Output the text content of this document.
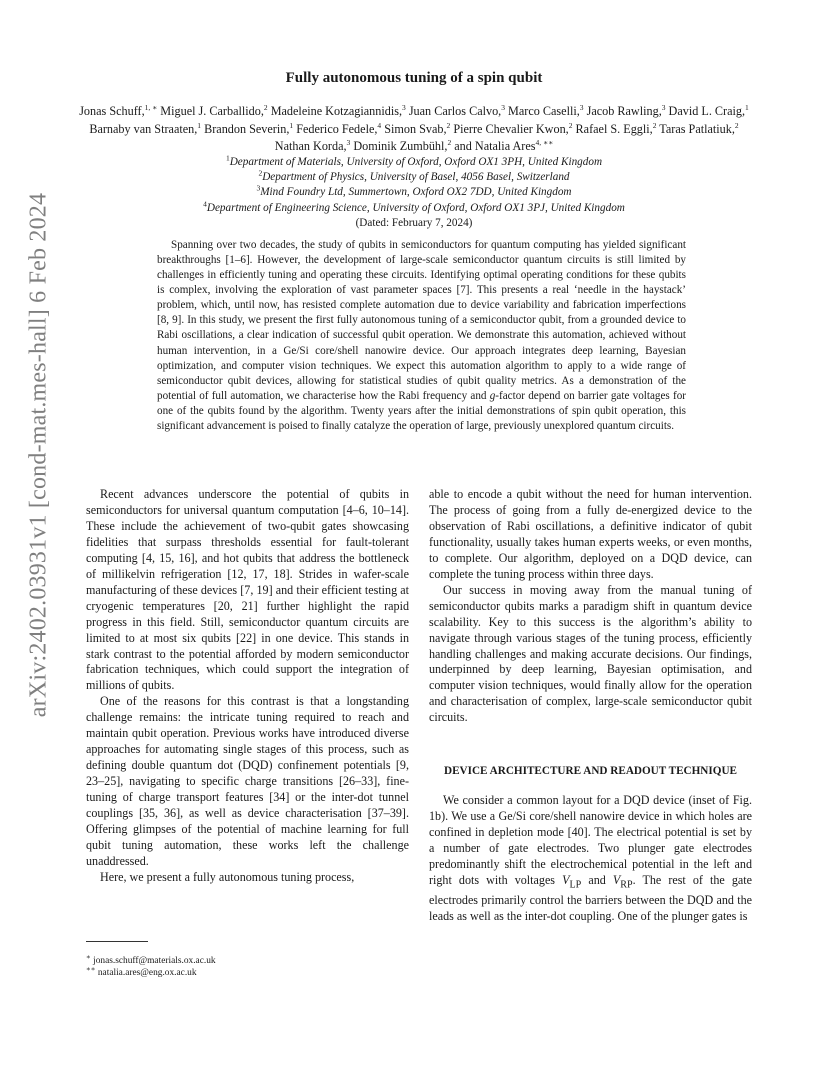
arXiv:2402.03931v1 [cond-mat.mes-hall] 6 Feb 2024
Fully autonomous tuning of a spin qubit
Jonas Schuff,$^{1, ∗}$ Miguel J. Carballido,$^2$ Madeleine Kotzagiannidis,$^3$ Juan Carlos Calvo,$^3$ Marco Caselli,$^3$ Jacob Rawling,$^3$ David L. Craig,$^1$ Barnaby van Straaten,$^1$ Brandon Severin,$^1$ Federico Fedele,$^4$ Simon Svab,$^2$ Pierre Chevalier Kwon,$^2$ Rafael S. Eggli,$^2$ Taras Patlatiuk,$^2$ Nathan Korda,$^3$ Dominik Zumbühl,$^2$ and Natalia Ares$^{4, ∗∗}$
$^1$Department of Materials, University of Oxford, Oxford OX1 3PH, United Kingdom
$^2$Department of Physics, University of Basel, 4056 Basel, Switzerland
$^3$Mind Foundry Ltd, Summertown, Oxford OX2 7DD, United Kingdom
$^4$Department of Engineering Science, University of Oxford, Oxford OX1 3PJ, United Kingdom
(Dated: February 7, 2024)
Spanning over two decades, the study of qubits in semiconductors for quantum computing has yielded significant breakthroughs [1–6]. However, the development of large-scale semiconductor quantum circuits is still limited by challenges in efficiently tuning and operating these circuits. Identifying optimal operating conditions for these qubits is complex, involving the exploration of vast parameter spaces [7]. This presents a real ‘needle in the haystack’ problem, which, until now, has resisted complete automation due to device variability and fabrication imperfections [8, 9]. In this study, we present the first fully autonomous tuning of a semiconductor qubit, from a grounded device to Rabi oscillations, a clear indication of successful qubit operation. We demonstrate this automation, achieved without human intervention, in a Ge/Si core/shell nanowire device. Our approach integrates deep learning, Bayesian optimization, and computer vision techniques. We expect this automation algorithm to apply to a wide range of semiconductor qubit devices, allowing for statistical studies of qubit quality metrics. As a demonstration of the potential of full automation, we characterise how the Rabi frequency and g-factor depend on barrier gate voltages for one of the qubits found by the algorithm. Twenty years after the initial demonstrations of spin qubit operation, this significant advancement is poised to finally catalyze the operation of large, previously unexplored quantum circuits.

Recent advances underscore the potential of qubits in semiconductors for universal quantum computation [4–6, 10–14]. These include the achievement of two-qubit gates showcasing fidelities that surpass thresholds essential for fault-tolerant computing [4, 15, 16], and hot qubits that address the bottleneck of millikelvin refrigeration [12, 17, 18]. Strides in wafer-scale manufacturing of these devices [7, 19] and their efficient testing at cryogenic temperatures [20, 21] further highlight the rapid progress in this field. Still, semiconductor quantum circuits are limited to at most six qubits [22] in one device. This stands in stark contrast to the potential afforded by modern semiconductor fabrication techniques, which could support the integration of millions of qubits.

One of the reasons for this contrast is that a longstanding challenge remains: the intricate tuning required to reach and maintain qubit operation. Previous works have introduced diverse approaches for automating single stages of this process, such as defining double quantum dot (DQD) confinement potentials [9, 23–25], navigating to specific charge transitions [26–33], fine-tuning of charge transport features [34] or the inter-dot tunnel couplings [35, 36], as well as device characterisation [37–39]. Offering glimpses of the potential of machine learning for full qubit tuning automation, these works left the challenge unaddressed.

Here, we present a fully autonomous tuning process,

able to encode a qubit without the need for human intervention. The process of going from a fully de-energized device to the observation of Rabi oscillations, a definitive indicator of qubit functionality, usually takes human experts weeks, or even months, to complete. Our algorithm, deployed on a DQD device, can complete the tuning process within three days.

Our success in moving away from the manual tuning of semiconductor qubits marks a paradigm shift in quantum device scalability. Key to this success is the algorithm’s ability to navigate through various stages of the tuning process, efficiently handling challenges and making accurate decisions. Our findings, underpinned by deep learning, Bayesian optimisation, and computer vision techniques, would finally allow for the operation and characterisation of complex, large-scale semiconductor qubit circuits.

DEVICE ARCHITECTURE AND READOUT TECHNIQUE

We consider a common layout for a DQD device (inset of Fig. 1b). We use a Ge/Si core/shell nanowire device in which holes are confined in depletion mode [40]. The electrical potential is set by a number of gate electrodes. Two plunger gate electrodes predominantly shift the electrochemical potential in the left and right dots with voltages $V_{LP}$ and $V_{RP}$. The rest of the gate electrodes primarily control the barriers between the DQD and the leads as well as the inter-dot coupling. One of the plunger gates is

∗ jonas.schuff@materials.ox.ac.uk
∗∗ natalia.ares@eng.ox.ac.uk
